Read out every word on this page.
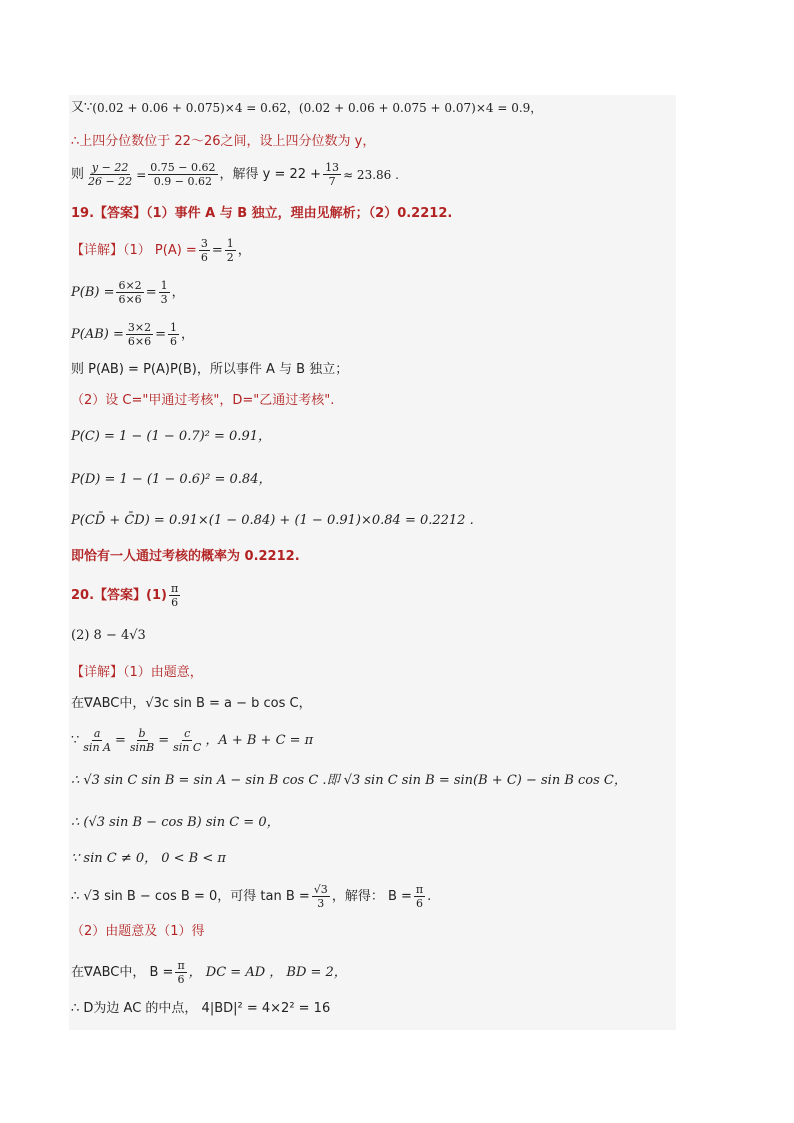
又∵ (0.02 + 0.06 + 0.075)×4 = 0.62，(0.02 + 0.06 + 0.075 + 0.07)×4 = 0.9，
∴上四分位数位于 22～26之间，设上四分位数为 y，
则 $\frac{y - 22}{26 - 22} = \frac{0.75 - 0.62}{0.9 - 0.62}$ ，解得 $y = 22 + \frac{13}{7} \approx 23.86$ .
19.【答案】（1）事件 A 与 B 独立，理由见解析；（2）0.2212.
【详解】（1） $P(A) = \frac{3}{6} = \frac{1}{2}$ ，
$P(B) = \frac{6\times 2}{6\times 6} = \frac{1}{3}$ ，
$P(AB) = \frac{3\times 2}{6\times 6} = \frac{1}{6}$ ，
则 P(AB) = P(A)P(B)，所以事件 A 与 B 独立；
（2）设 C="甲通过考核"，D="乙通过考核".
P(C) = 1 − (1 − 0.7)² = 0.91，
P(D) = 1 − (1 − 0.6)² = 0.84，
P(CD̄ + C̄D) = 0.91×(1 − 0.84) + (1 − 0.91)×0.84 = 0.2212 .
即恰有一人通过考核的概率为 0.2212.
20.【答案】$(1) \frac{\pi}{6}$
(2) 8 − 4√3
【详解】（1）由题意，
在∇ABC中，√3c sin B = a − b cos C，
∵ $\frac{a}{\text{sin A}} = \frac{b}{\sin B} = \frac{c}{\text{sin C}}$ ，A + B + C = π
∴ √3 sin C sin B = sin A − sin B cos C .即 √3 sin C sin B = sin(B + C) − sin B cos C，
∴ (√3 sin B − cos B) sin C = 0，
∵ sin C ≠ 0， 0 < B < π
∴ √3 sin B − cos B = 0，可得 $\tan B = \frac{√3}{3}$ ，解得： $B = \frac{\pi}{6}$ .
（2）由题意及（1）得
在∇ABC中， $B = \frac{\pi}{6}$ ， DC = AD ， BD = 2，
∴ D为边 AC 的中点， 4|BD|² = 4×2² = 16
